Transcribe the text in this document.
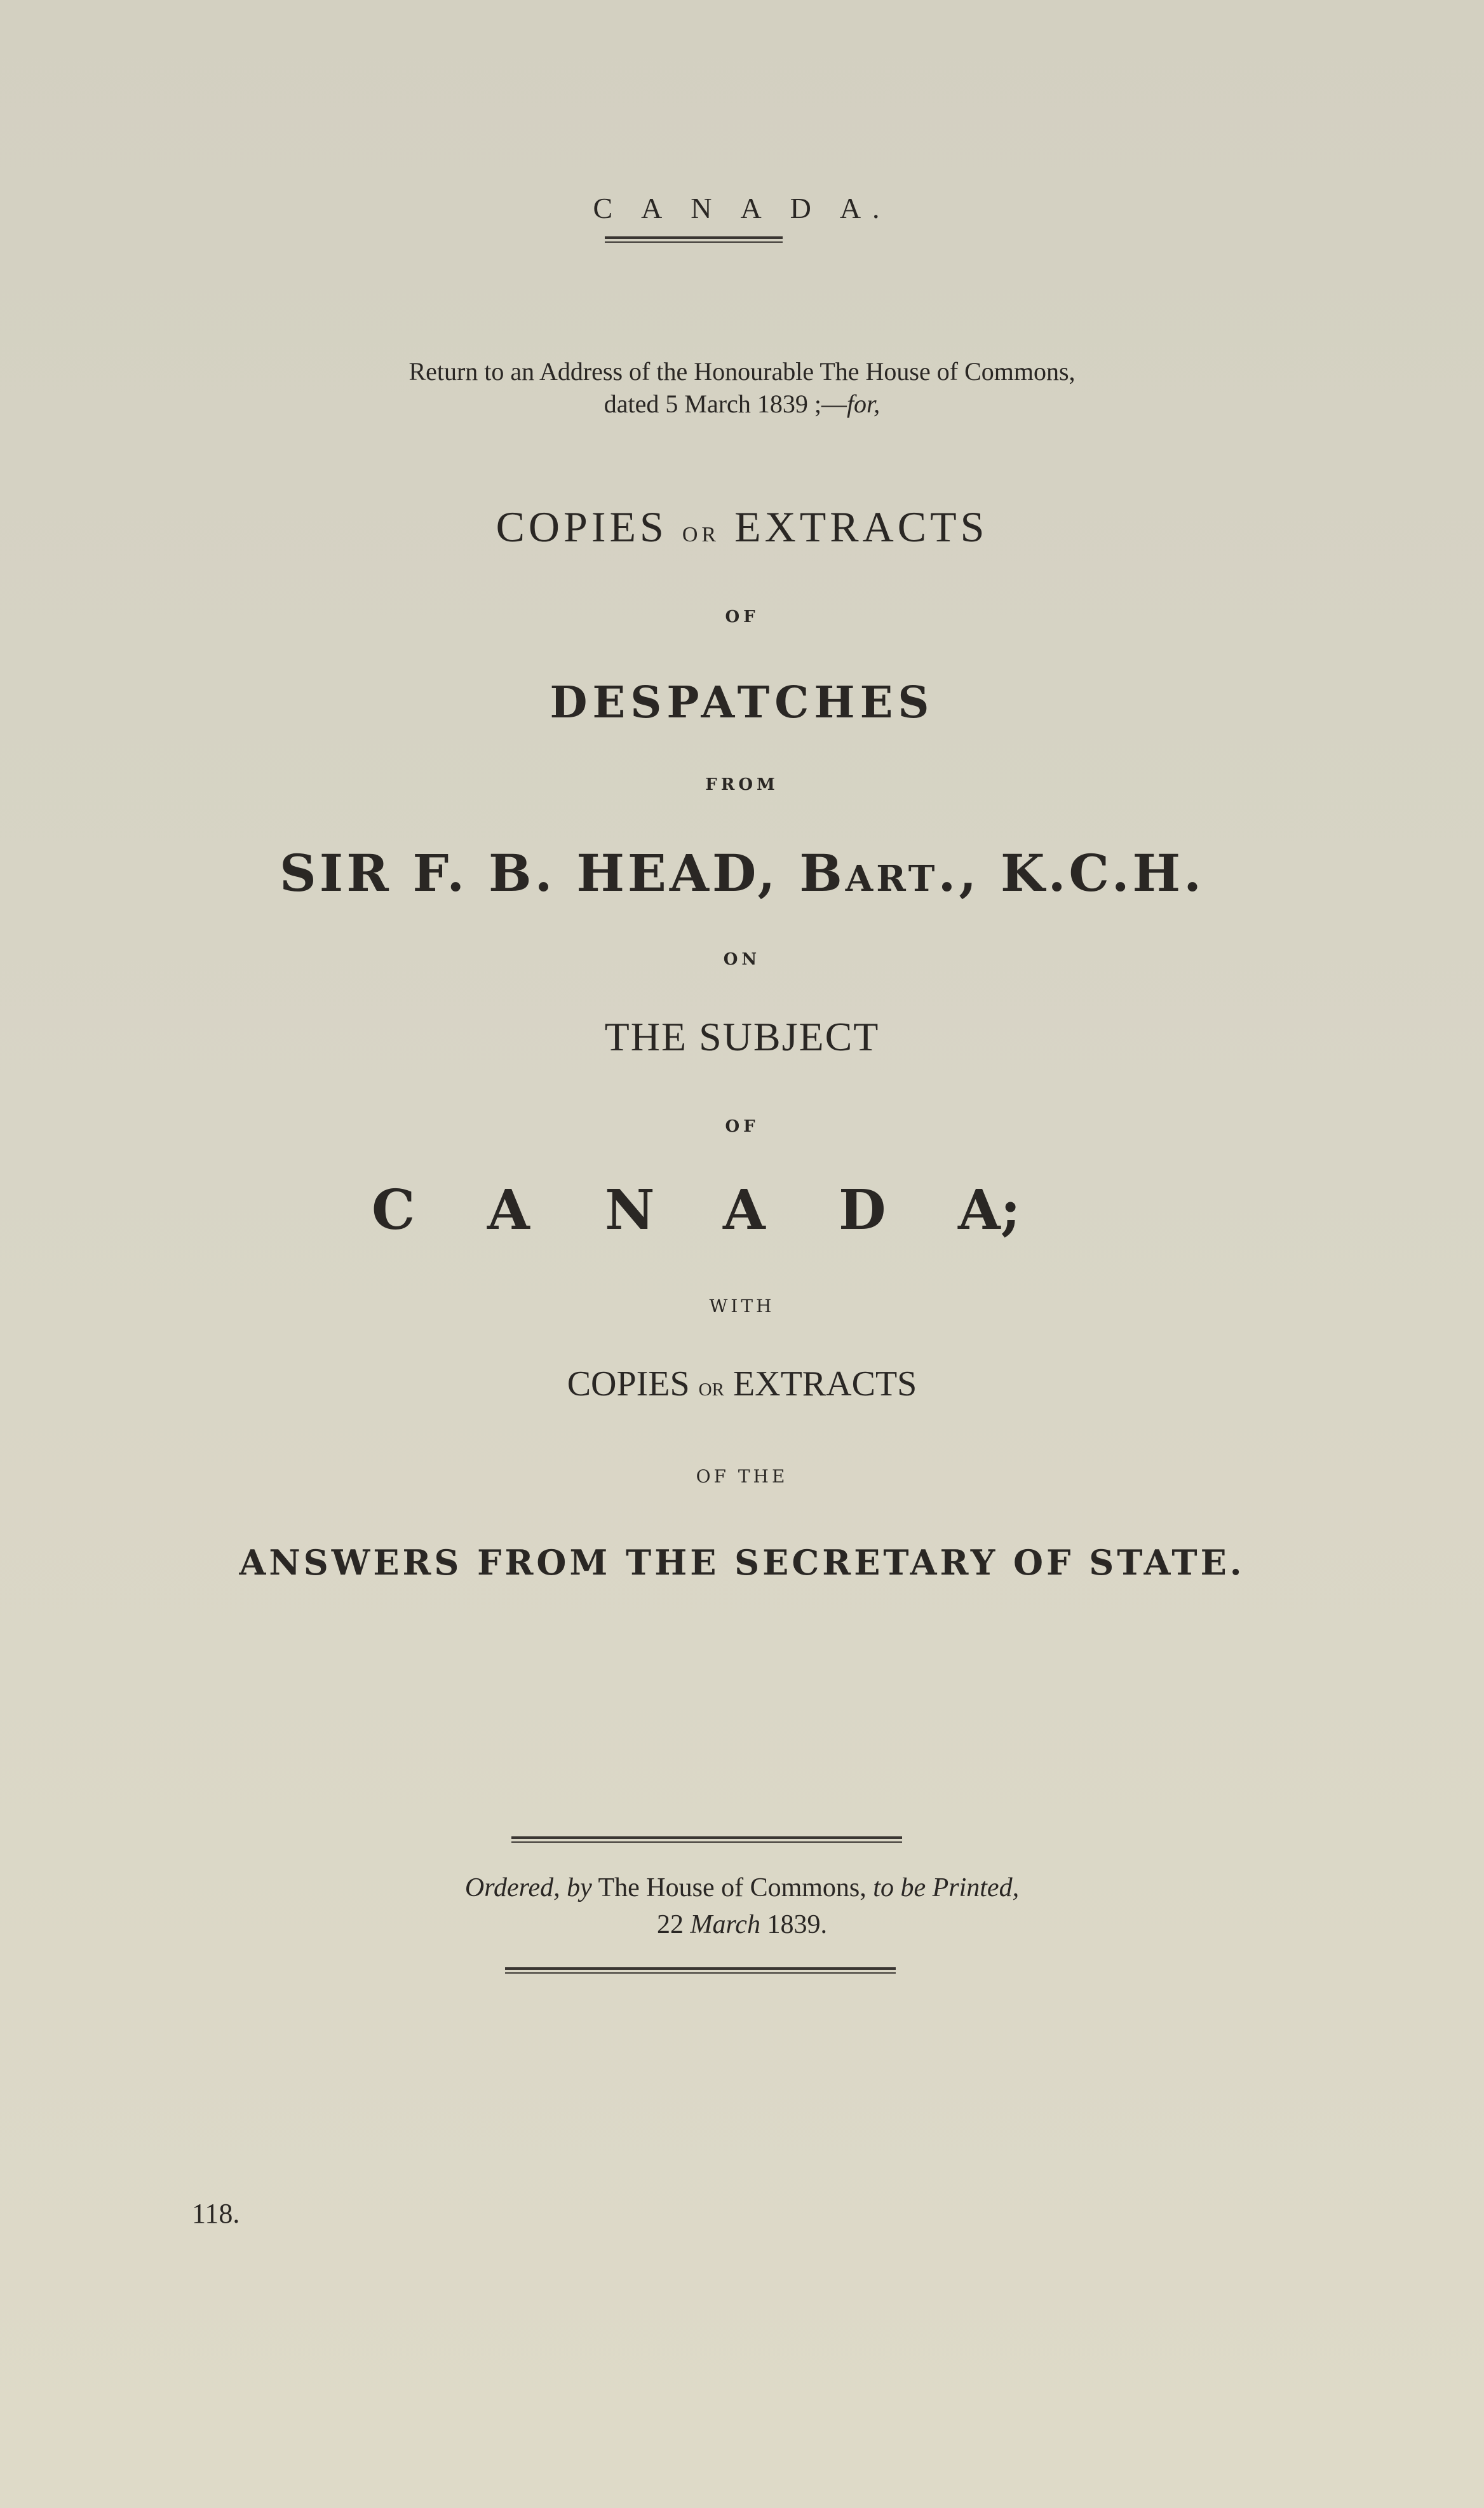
C A N A D A.
Return to an Address of the Honourable The House of Commons,
dated 5 March 1839 ;—for,
COPIES or EXTRACTS
OF
DESPATCHES
FROM
SIR F. B. HEAD, Bart., K.C.H.
ON
THE SUBJECT
OF
C A N A D A;
WITH
COPIES or EXTRACTS
OF THE
ANSWERS FROM THE SECRETARY OF STATE.
Ordered, by The House of Commons, to be Printed,
22 March 1839.
118.
